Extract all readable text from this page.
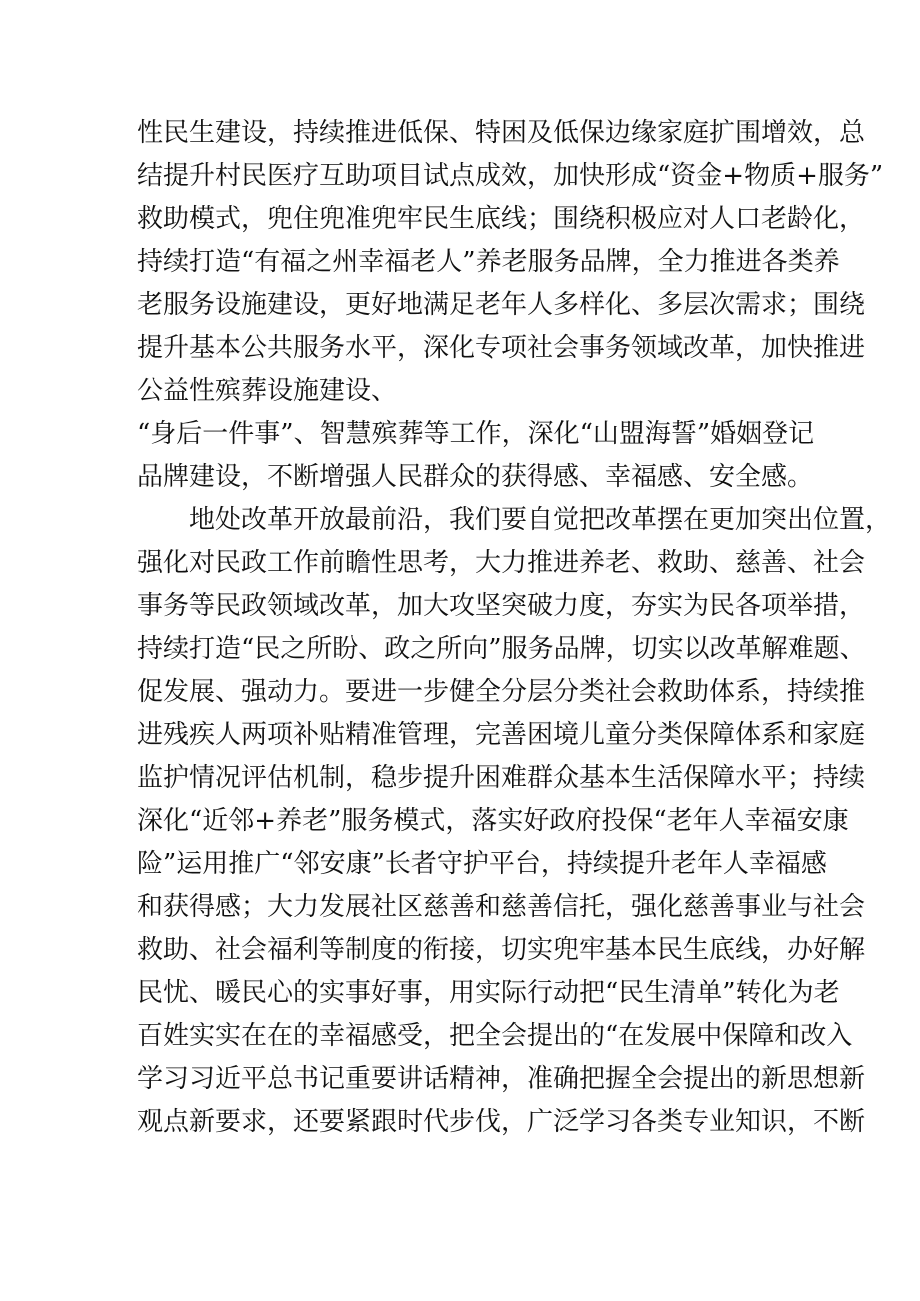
性民生建设，持续推进低保、特困及低保边缘家庭扩围增效，总
结提升村民医疗互助项目试点成效，加快形成“资金+物质+服务”
救助模式，兜住兜准兜牢民生底线；围绕积极应对人口老龄化，
持续打造“有福之州幸福老人”养老服务品牌，全力推进各类养
老服务设施建设，更好地满足老年人多样化、多层次需求；围绕
提升基本公共服务水平，深化专项社会事务领域改革，加快推进
公益性殡葬设施建设、
“身后一件事”、智慧殡葬等工作，深化“山盟海誓”婚姻登记
品牌建设，不断增强人民群众的获得感、幸福感、安全感。
地处改革开放最前沿，我们要自觉把改革摆在更加突出位置，
强化对民政工作前瞻性思考，大力推进养老、救助、慈善、社会
事务等民政领域改革，加大攻坚突破力度，夯实为民各项举措，
持续打造“民之所盼、政之所向”服务品牌，切实以改革解难题、
促发展、强动力。要进一步健全分层分类社会救助体系，持续推
进残疾人两项补贴精准管理，完善困境儿童分类保障体系和家庭
监护情况评估机制，稳步提升困难群众基本生活保障水平；持续
深化“近邻+养老”服务模式，落实好政府投保“老年人幸福安康
险”运用推广“邻安康”长者守护平台，持续提升老年人幸福感
和获得感；大力发展社区慈善和慈善信托，强化慈善事业与社会
救助、社会福利等制度的衔接，切实兜牢基本民生底线，办好解
民忧、暖民心的实事好事，用实际行动把“民生清单”转化为老
百姓实实在在的幸福感受，把全会提出的“在发展中保障和改入
学习习近平总书记重要讲话精神，准确把握全会提出的新思想新
观点新要求，还要紧跟时代步伐，广泛学习各类专业知识，不断
